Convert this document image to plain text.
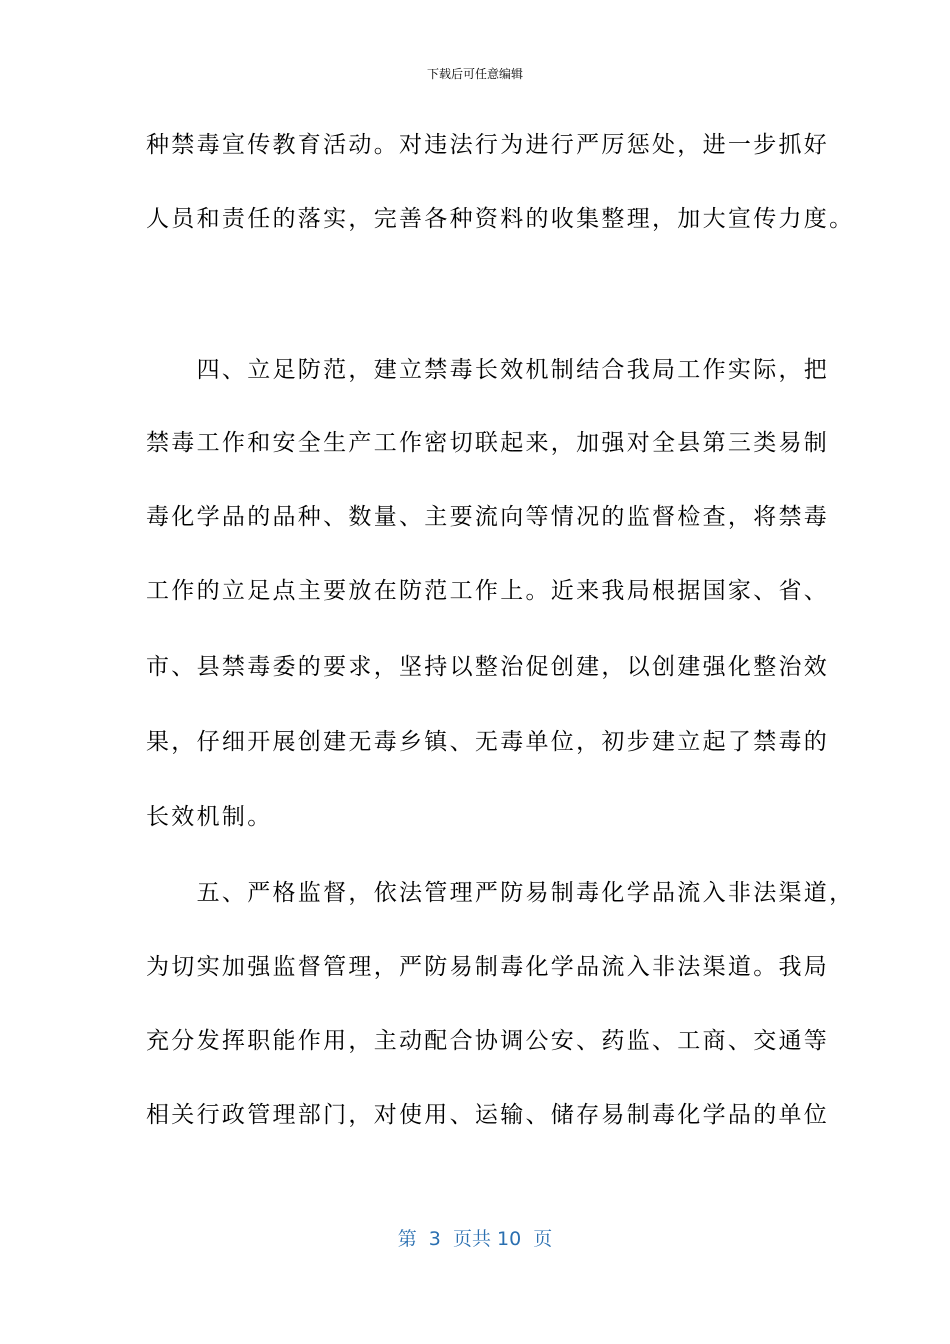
下载后可任意编辑
种禁毒宣传教育活动。对违法行为进行严厉惩处，进一步抓好
人员和责任的落实，完善各种资料的收集整理，加大宣传力度。
　　四、立足防范，建立禁毒长效机制结合我局工作实际，把
禁毒工作和安全生产工作密切联起来，加强对全县第三类易制
毒化学品的品种、数量、主要流向等情况的监督检查，将禁毒
工作的立足点主要放在防范工作上。近来我局根据国家、省、
市、县禁毒委的要求，坚持以整治促创建，以创建强化整治效
果，仔细开展创建无毒乡镇、无毒单位，初步建立起了禁毒的
长效机制。
　　五、严格监督，依法管理严防易制毒化学品流入非法渠道，
为切实加强监督管理，严防易制毒化学品流入非法渠道。我局
充分发挥职能作用，主动配合协调公安、药监、工商、交通等
相关行政管理部门，对使用、运输、储存易制毒化学品的单位
第  3  页共 10  页
